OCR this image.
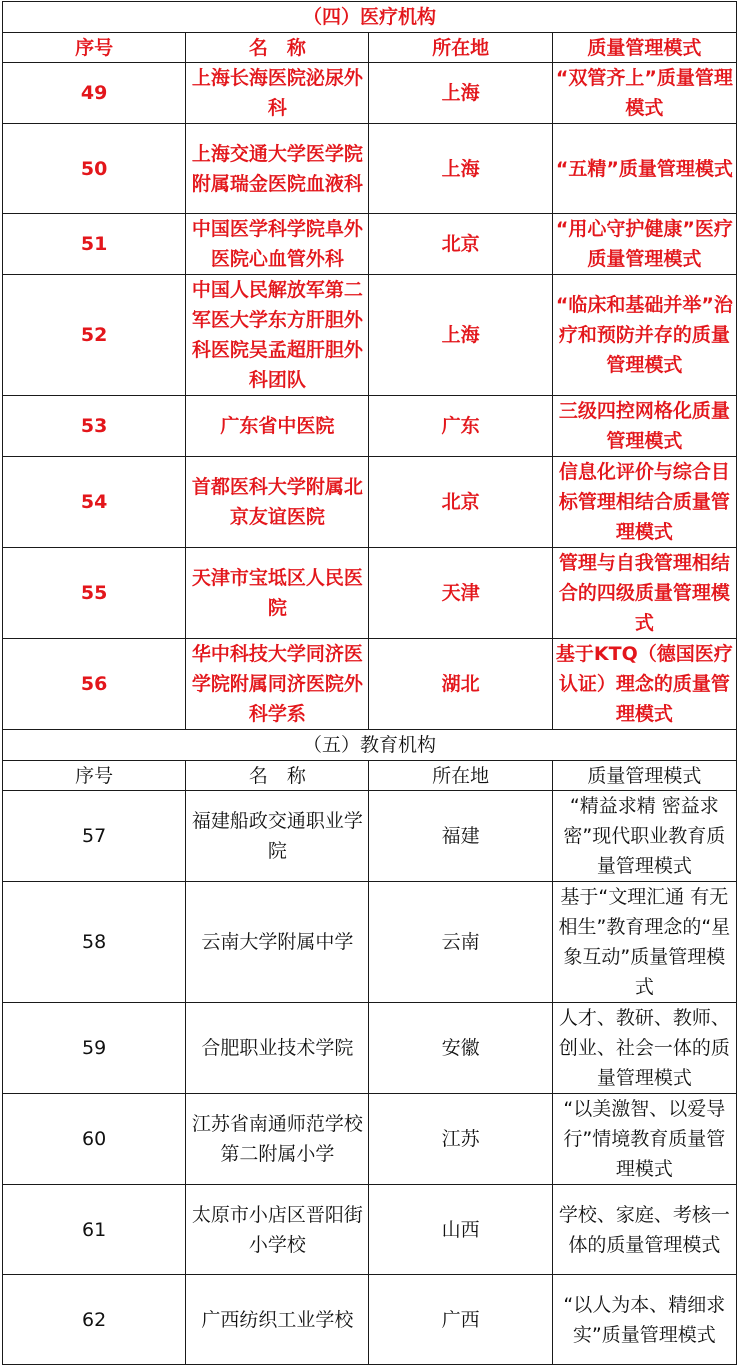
（四）医疗机构			
序号	名　称	所在地	质量管理模式
49	上海长海医院泌尿外科	上海	“双管齐上”质量管理模式
50	上海交通大学医学院附属瑞金医院血液科	上海	“五精”质量管理模式
51	中国医学科学院阜外医院心血管外科	北京	“用心守护健康”医疗质量管理模式
52	中国人民解放军第二军医大学东方肝胆外科医院吴孟超肝胆外科团队	上海	“临床和基础并举”治疗和预防并存的质量管理模式
53	广东省中医院	广东	三级四控网格化质量管理模式
54	首都医科大学附属北京友谊医院	北京	信息化评价与综合目标管理相结合质量管理模式
55	天津市宝坻区人民医院	天津	管理与自我管理相结合的四级质量管理模式
56	华中科技大学同济医学院附属同济医院外科学系	湖北	基于KTQ（德国医疗认证）理念的质量管理模式
（五）教育机构			
序号	名　称	所在地	质量管理模式
57	福建船政交通职业学院	福建	“精益求精 密益求密”现代职业教育质量管理模式
58	云南大学附属中学	云南	基于“文理汇通 有无相生”教育理念的“星象互动”质量管理模式
59	合肥职业技术学院	安徽	人才、教研、教师、创业、社会一体的质量管理模式
60	江苏省南通师范学校第二附属小学	江苏	“以美激智、以爱导行”情境教育质量管理模式
61	太原市小店区晋阳街小学校	山西	学校、家庭、考核一体的质量管理模式
62	广西纺织工业学校	广西	“以人为本、精细求实”质量管理模式
